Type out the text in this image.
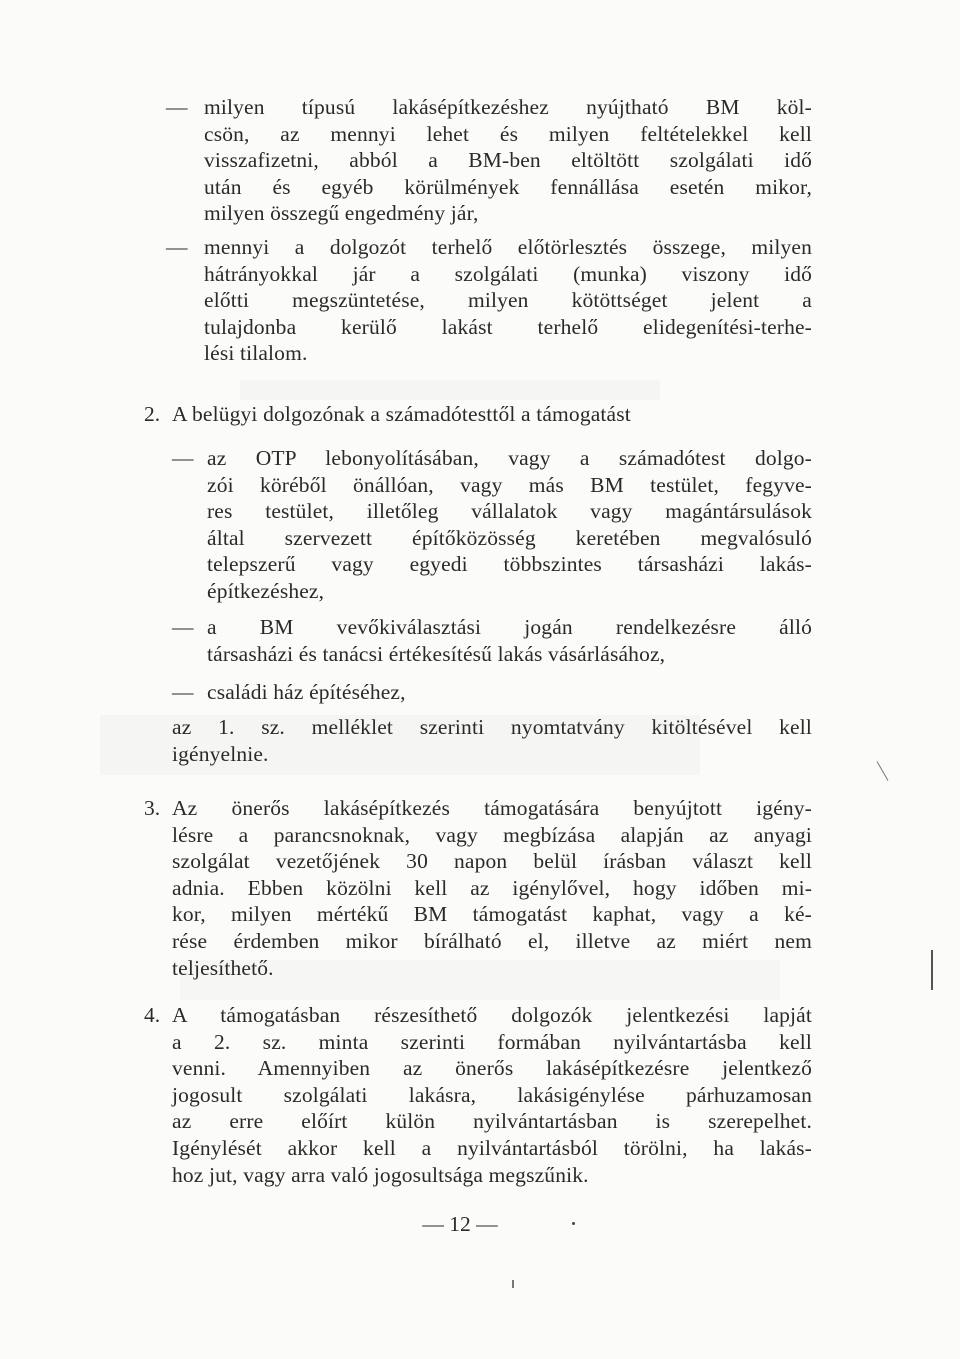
— milyen típusú lakásépítkezéshez nyújtható BM köl-
csön, az mennyi lehet és milyen feltételekkel kell
visszafizetni, abból a BM-ben eltöltött szolgálati idő
után és egyéb körülmények fennállása esetén mikor,
milyen összegű engedmény jár,
— mennyi a dolgozót terhelő előtörlesztés összege, milyen
hátrányokkal jár a szolgálati (munka) viszony idő
előtti megszüntetése, milyen kötöttséget jelent a
tulajdonba kerülő lakást terhelő elidegenítési-terhe-
lési tilalom.
2. A belügyi dolgozónak a számadótesttől a támogatást
— az OTP lebonyolításában, vagy a számadótest dolgo-
zói köréből önállóan, vagy más BM testület, fegyve-
res testület, illetőleg vállalatok vagy magántársulások
által szervezett építőközösség keretében megvalósuló
telepszerű vagy egyedi többszintes társasházi lakás-
építkezéshez,
— a BM vevőkiválasztási jogán rendelkezésre álló
társasházi és tanácsi értékesítésű lakás vásárlásához,
— családi ház építéséhez,
az 1. sz. melléklet szerinti nyomtatvány kitöltésével kell
igényelnie.
3. Az önerős lakásépítkezés támogatására benyújtott igény-
lésre a parancsnoknak, vagy megbízása alapján az anyagi
szolgálat vezetőjének 30 napon belül írásban választ kell
adnia. Ebben közölni kell az igénylővel, hogy időben mi-
kor, milyen mértékű BM támogatást kaphat, vagy a ké-
rése érdemben mikor bírálható el, illetve az miért nem
teljesíthető.
4. A támogatásban részesíthető dolgozók jelentkezési lapját
a 2. sz. minta szerinti formában nyilvántartásba kell
venni. Amennyiben az önerős lakásépítkezésre jelentkező
jogosult szolgálati lakásra, lakásigénylése párhuzamosan
az erre előírt külön nyilvántartásban is szerepelhet.
Igénylését akkor kell a nyilvántartásból törölni, ha lakás-
hoz jut, vagy arra való jogosultsága megszűnik.
— 12 —
